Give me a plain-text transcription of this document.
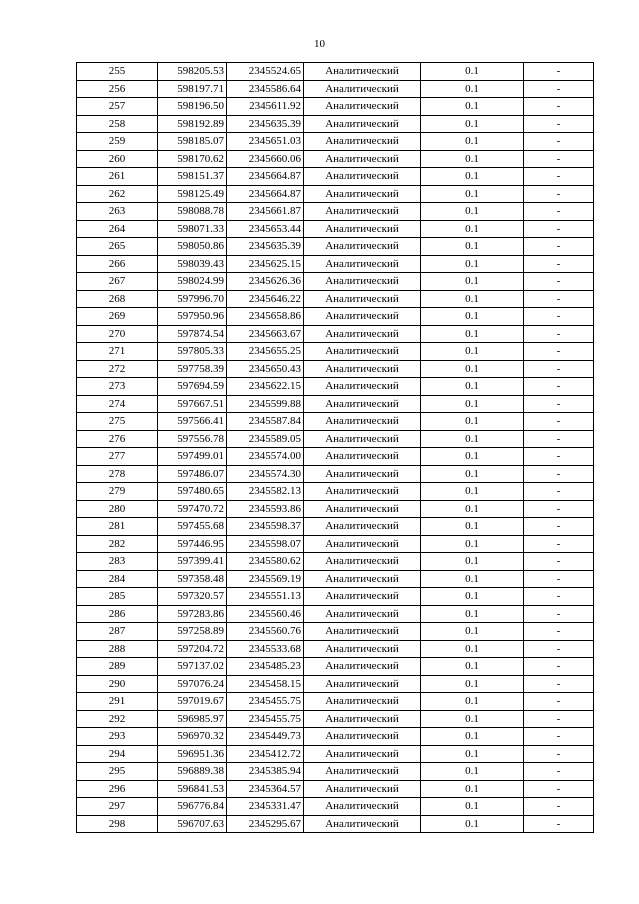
10
255	598205.53	2345524.65	Аналитический	0.1	-
256	598197.71	2345586.64	Аналитический	0.1	-
257	598196.50	2345611.92	Аналитический	0.1	-
258	598192.89	2345635.39	Аналитический	0.1	-
259	598185.07	2345651.03	Аналитический	0.1	-
260	598170.62	2345660.06	Аналитический	0.1	-
261	598151.37	2345664.87	Аналитический	0.1	-
262	598125.49	2345664.87	Аналитический	0.1	-
263	598088.78	2345661.87	Аналитический	0.1	-
264	598071.33	2345653.44	Аналитический	0.1	-
265	598050.86	2345635.39	Аналитический	0.1	-
266	598039.43	2345625.15	Аналитический	0.1	-
267	598024.99	2345626.36	Аналитический	0.1	-
268	597996.70	2345646.22	Аналитический	0.1	-
269	597950.96	2345658.86	Аналитический	0.1	-
270	597874.54	2345663.67	Аналитический	0.1	-
271	597805.33	2345655.25	Аналитический	0.1	-
272	597758.39	2345650.43	Аналитический	0.1	-
273	597694.59	2345622.15	Аналитический	0.1	-
274	597667.51	2345599.88	Аналитический	0.1	-
275	597566.41	2345587.84	Аналитический	0.1	-
276	597556.78	2345589.05	Аналитический	0.1	-
277	597499.01	2345574.00	Аналитический	0.1	-
278	597486.07	2345574.30	Аналитический	0.1	-
279	597480.65	2345582.13	Аналитический	0.1	-
280	597470.72	2345593.86	Аналитический	0.1	-
281	597455.68	2345598.37	Аналитический	0.1	-
282	597446.95	2345598.07	Аналитический	0.1	-
283	597399.41	2345580.62	Аналитический	0.1	-
284	597358.48	2345569.19	Аналитический	0.1	-
285	597320.57	2345551.13	Аналитический	0.1	-
286	597283.86	2345560.46	Аналитический	0.1	-
287	597258.89	2345560.76	Аналитический	0.1	-
288	597204.72	2345533.68	Аналитический	0.1	-
289	597137.02	2345485.23	Аналитический	0.1	-
290	597076.24	2345458.15	Аналитический	0.1	-
291	597019.67	2345455.75	Аналитический	0.1	-
292	596985.97	2345455.75	Аналитический	0.1	-
293	596970.32	2345449.73	Аналитический	0.1	-
294	596951.36	2345412.72	Аналитический	0.1	-
295	596889.38	2345385.94	Аналитический	0.1	-
296	596841.53	2345364.57	Аналитический	0.1	-
297	596776.84	2345331.47	Аналитический	0.1	-
298	596707.63	2345295.67	Аналитический	0.1	-
